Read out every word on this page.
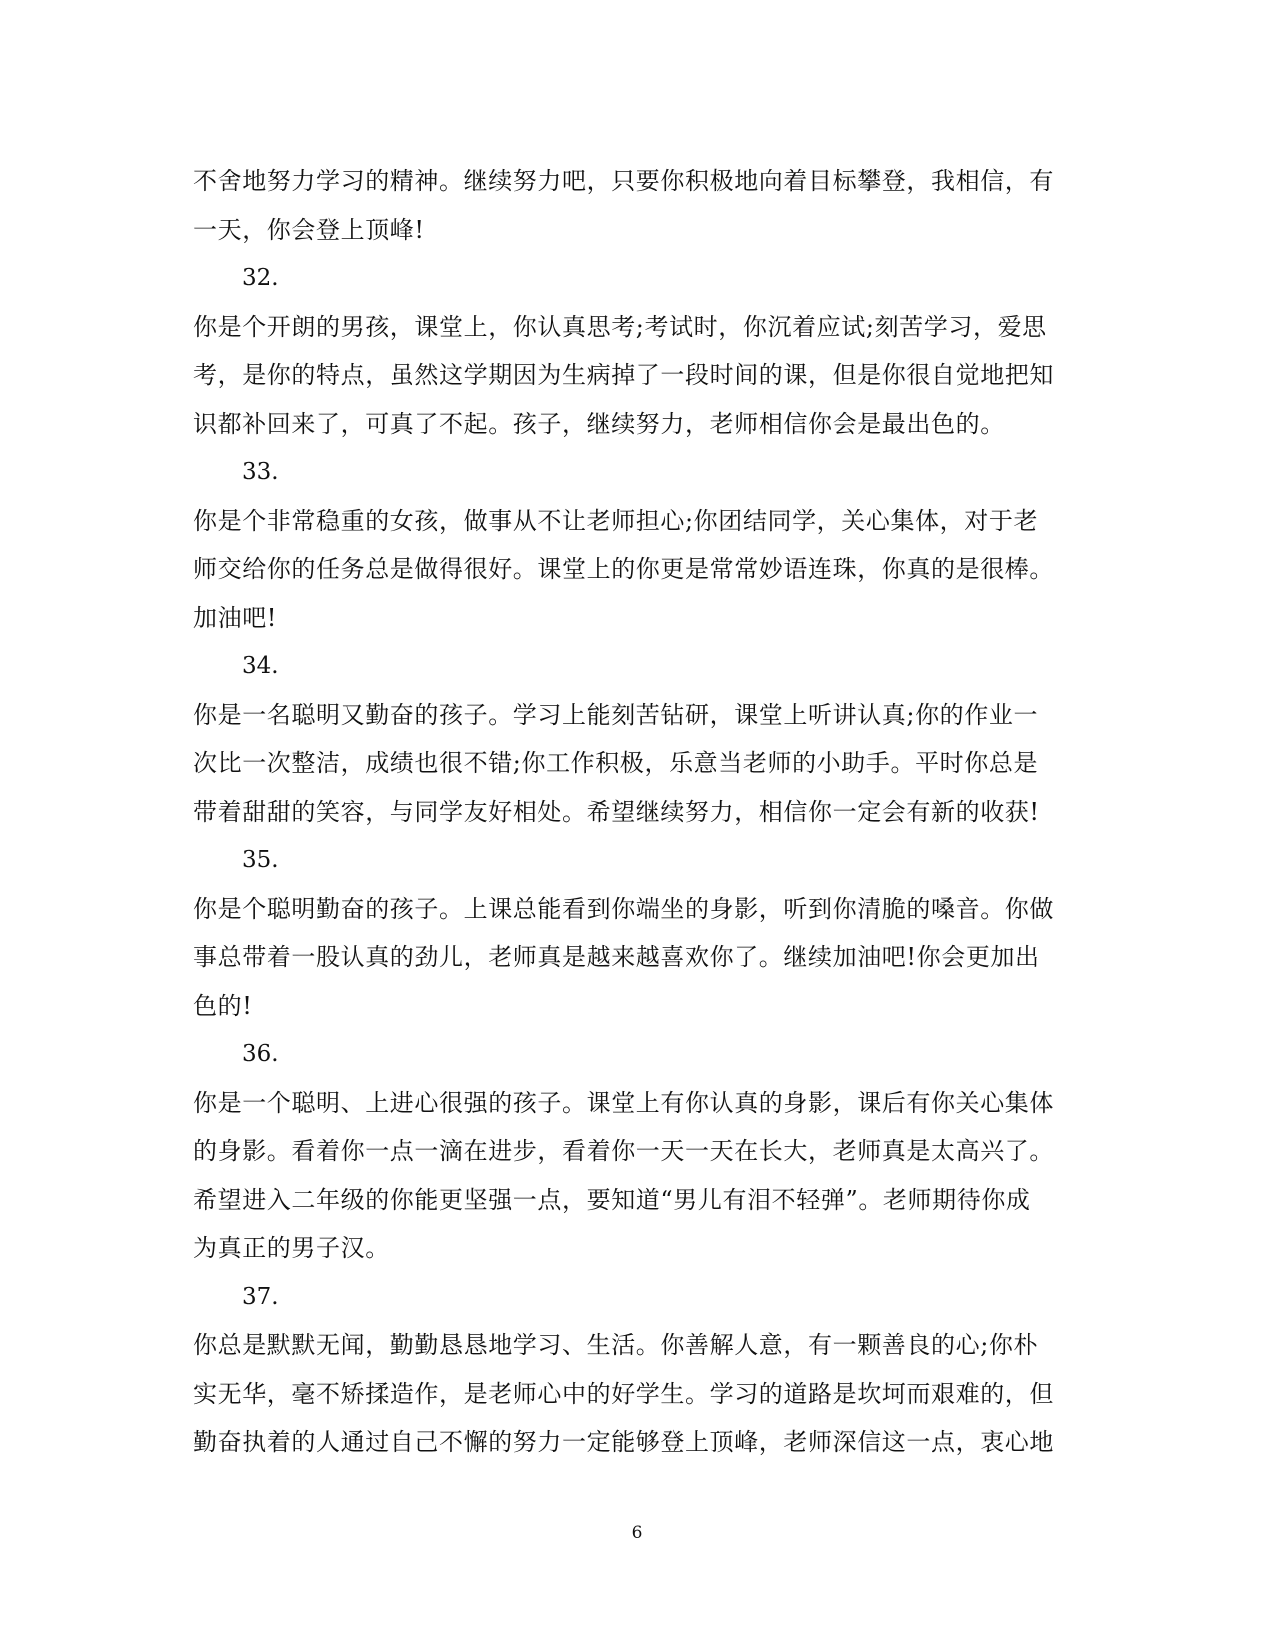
不舍地努力学习的精神。继续努力吧，只要你积极地向着目标攀登，我相信，有
一天，你会登上顶峰!
32.
你是个开朗的男孩，课堂上，你认真思考;考试时，你沉着应试;刻苦学习，爱思
考，是你的特点，虽然这学期因为生病掉了一段时间的课，但是你很自觉地把知
识都补回来了，可真了不起。孩子，继续努力，老师相信你会是最出色的。
33.
你是个非常稳重的女孩，做事从不让老师担心;你团结同学，关心集体，对于老
师交给你的任务总是做得很好。课堂上的你更是常常妙语连珠，你真的是很棒。
加油吧!
34.
你是一名聪明又勤奋的孩子。学习上能刻苦钻研，课堂上听讲认真;你的作业一
次比一次整洁，成绩也很不错;你工作积极，乐意当老师的小助手。平时你总是
带着甜甜的笑容，与同学友好相处。希望继续努力，相信你一定会有新的收获!
35.
你是个聪明勤奋的孩子。上课总能看到你端坐的身影，听到你清脆的嗓音。你做
事总带着一股认真的劲儿，老师真是越来越喜欢你了。继续加油吧!你会更加出
色的!
36.
你是一个聪明、上进心很强的孩子。课堂上有你认真的身影，课后有你关心集体
的身影。看着你一点一滴在进步，看着你一天一天在长大，老师真是太高兴了。
希望进入二年级的你能更坚强一点，要知道“男儿有泪不轻弹”。老师期待你成
为真正的男子汉。
37.
你总是默默无闻，勤勤恳恳地学习、生活。你善解人意，有一颗善良的心;你朴
实无华，毫不矫揉造作，是老师心中的好学生。学习的道路是坎坷而艰难的，但
勤奋执着的人通过自己不懈的努力一定能够登上顶峰，老师深信这一点，衷心地
6
